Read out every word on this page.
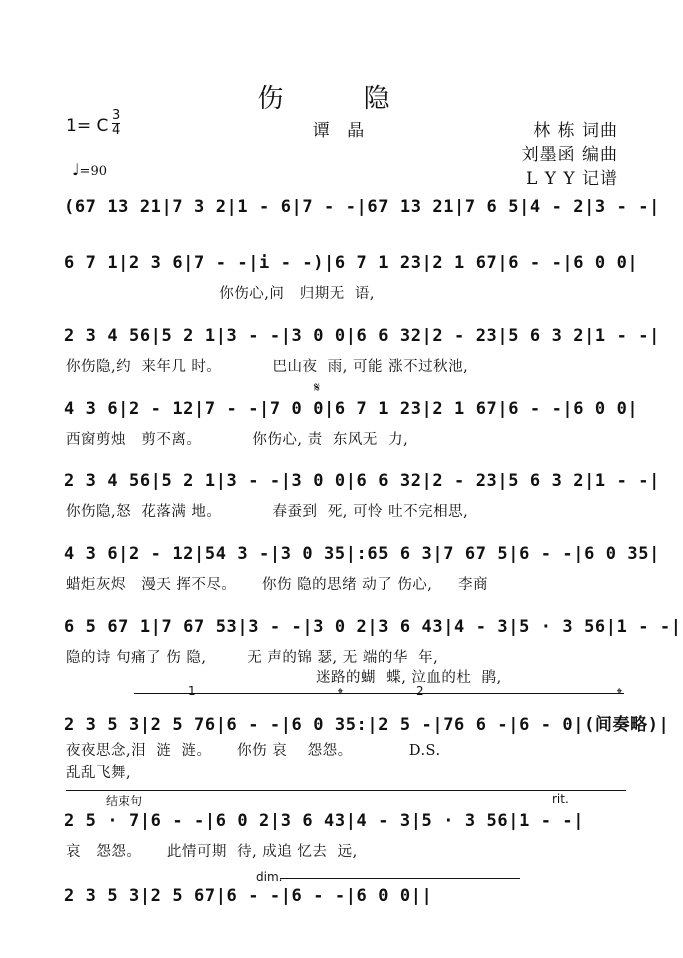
伤 隐
1= C
3
4	谭 晶	林 栋 词曲
刘墨函 编曲
L Y Y 记谱
♩=90
(67 13 21|7 3 2|1 - 6|7 - -|67 13 21|7 6 5|4 - 2|3 - -|
6 7 1|2 3 6|7 - -|i - -)|6 7 1 23|2 1 67|6 - -|6 0 0|
你伤心,问   归期无  语,
2 3 4 56|5 2 1|3 - -|3 0 0|6 6 32|2 - 23|5 6 3 2|1 - -|
你伤隐,约  来年几 时。          巴山夜  雨, 可能 涨不过秋池,
𝄋
4 3 6|2 - 12|7 - -|7 0 0|6 7 1 23|2 1 67|6 - -|6 0 0|
西窗剪烛   剪不离。          你伤心, 责  东风无  力,
2 3 4 56|5 2 1|3 - -|3 0 0|6 6 32|2 - 23|5 6 3 2|1 - -|
你伤隐,怒  花落满 地。          春蚕到  死, 可怜 吐不完相思,
4 3 6|2 - 12|54 3 -|3 0 35|:65 6 3|7 67 5|6 - -|6 0 35|
蜡炬灰烬   漫天 挥不尽。     你伤 隐的思绪 动了 伤心,     李商
6 5 67 1|7 67 53|3 - -|3 0 2|3 6 43|4 - 3|5 · 3 56|1 - -|
隐的诗 句痛了 伤 隐,        无 声的锦 瑟, 无 端的华  年,
迷路的蝴  蝶, 泣血的杜  鹃,
1	2
𝄌	𝄌
2 3 5 3|2 5 76|6 - -|6 0 35:|2 5 -|76 6 -|6 - 0|(间奏略)|
夜夜思念,泪  涟  涟。     你伤 哀    怨怨。           D.S.
乱乱飞舞,
结束句	rit.
2 5 · 7|6 - -|6 0 2|3 6 43|4 - 3|5 · 3 56|1 - -|
哀   怨怨。     此情可期  待, 成追 忆去  远,
dim.
2 3 5 3|2 5 67|6 - -|6 - -|6 0 0||
